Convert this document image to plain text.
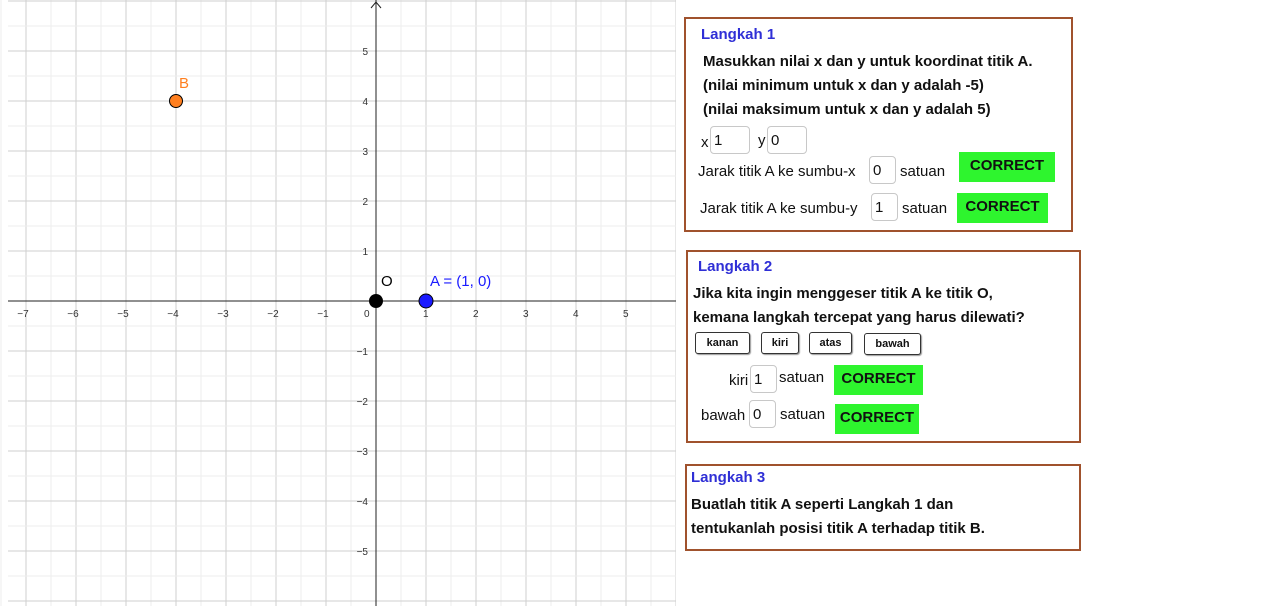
−7	−6	−5	−4	−3	−2	−1	0	1	2	3	4	5
5
4
3
2
1
−1
−2
−3
−4
−5
O A = (1, 0)
B
Langkah 1
Masukkan nilai x dan y untuk koordinat titik A.
(nilai minimum untuk x dan y adalah -5)
(nilai maksimum untuk x dan y adalah 5)
x
1	y
0
Jarak titik A ke sumbu-x
0	satuan	CORRECT
Jarak titik A ke sumbu-y
1	satuan	CORRECT
Langkah 2
Jika kita ingin menggeser titik A ke titik O,
kemana langkah tercepat yang harus dilewati?
kanan	kiri	atas	bawah
kiri
1 satuan	CORRECT
bawah
0 satuan CORRECT
Langkah 3
Buatlah titik A seperti Langkah 1 dan
tentukanlah posisi titik A terhadap titik B.
